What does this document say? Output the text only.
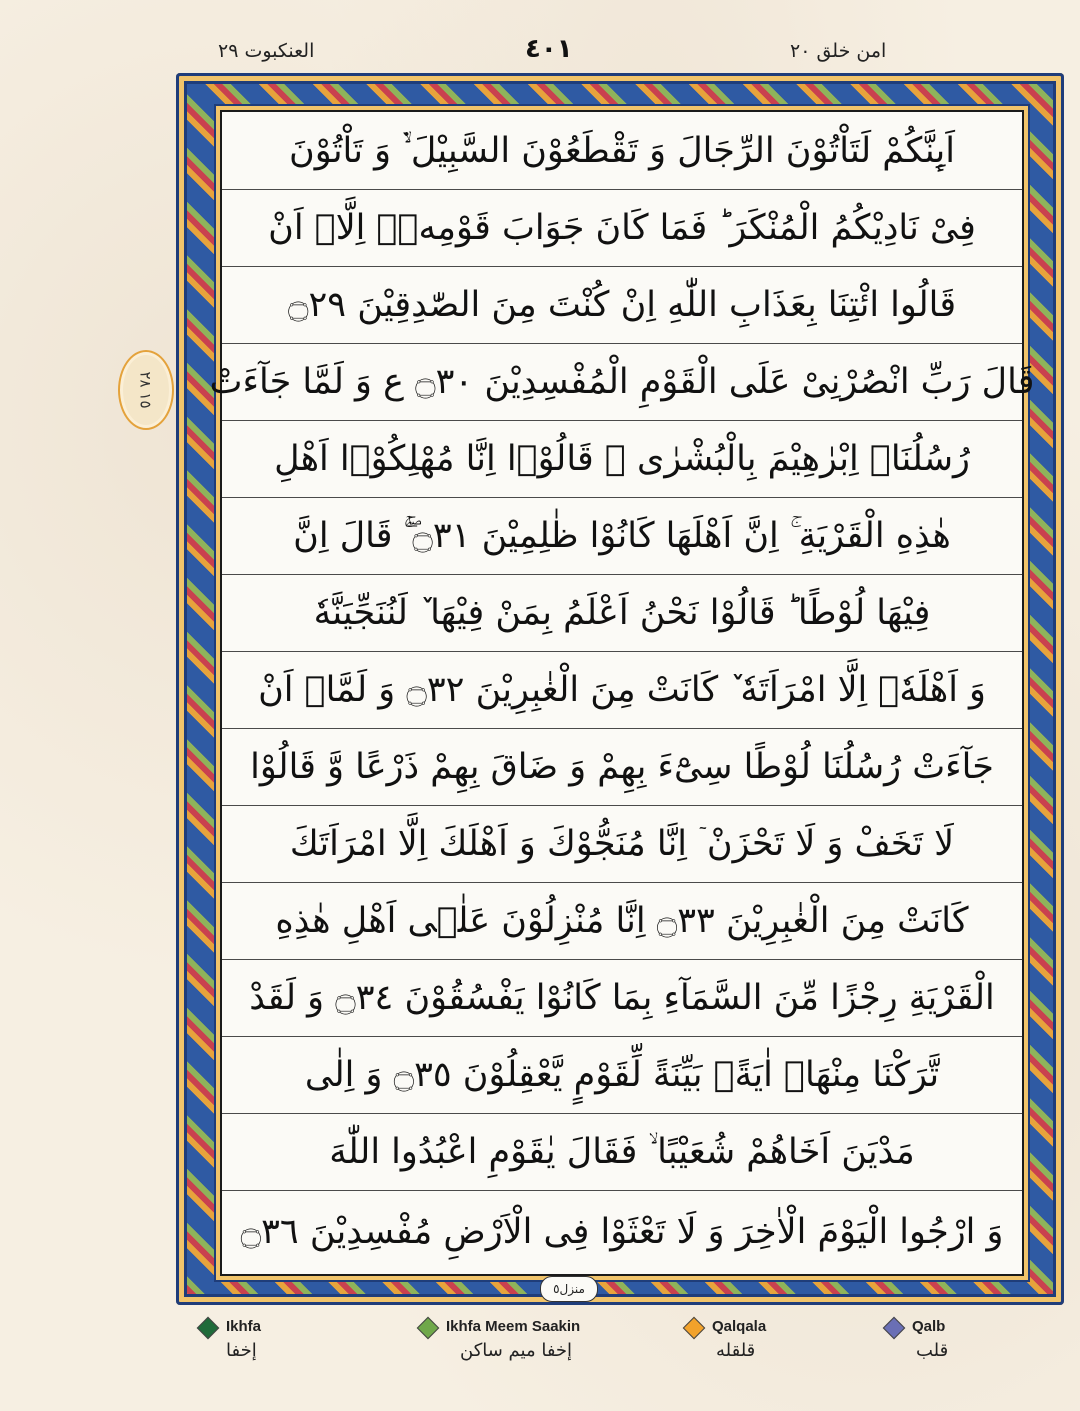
العنکبوت ٢٩	٤٠١	امن خلق ٢٠
١٥ ٢٨
اَىِٕنَّكُمْ لَتَاْتُوْنَ الرِّجَالَ وَ تَقْطَعُوْنَ السَّبِيْلَ ۙ۬ وَ تَاْتُوْنَ
فِیْ نَادِیْكُمُ الْمُنْكَرَ ؕ فَمَا كَانَ جَوَابَ قَوْمِهٖۤ اِلَّاۤ اَنْ
قَالُوا ائْتِنَا بِعَذَابِ اللّٰهِ اِنْ كُنْتَ مِنَ الصّٰدِقِیْنَ ۝٢٩
قَالَ رَبِّ انْصُرْنِیْ عَلَى الْقَوْمِ الْمُفْسِدِیْنَ ۝٣٠ ع وَ لَمَّا جَآءَتْ
رُسُلُنَاۤ اِبْرٰهِیْمَ بِالْبُشْرٰى ۙ قَالُوْۤا اِنَّا مُهْلِكُوْۤا اَهْلِ
هٰذِهِ الْقَرْیَةِ ۚ اِنَّ اَهْلَهَا كَانُوْا ظٰلِمِیْنَ ۝٣١ ۚۖ قَالَ اِنَّ
فِیْهَا لُوْطًا ؕ قَالُوْا نَحْنُ اَعْلَمُ بِمَنْ فِیْهَا ٚ لَنُنَجِّیَنَّهٗ
وَ اَهْلَهٗۤ اِلَّا امْرَاَتَهٗ ٚ كَانَتْ مِنَ الْغٰبِرِیْنَ ۝٣٢ وَ لَمَّاۤ اَنْ
جَآءَتْ رُسُلُنَا لُوْطًا سِیْٓءَ بِهِمْ وَ ضَاقَ بِهِمْ ذَرْعًا وَّ قَالُوْا
لَا تَخَفْ وَ لَا تَحْزَنْ ٙ اِنَّا مُنَجُّوْكَ وَ اَهْلَكَ اِلَّا امْرَاَتَكَ
كَانَتْ مِنَ الْغٰبِرِیْنَ ۝٣٣ اِنَّا مُنْزِلُوْنَ عَلٰۤى اَهْلِ هٰذِهِ
الْقَرْیَةِ رِجْزًا مِّنَ السَّمَآءِ بِمَا كَانُوْا یَفْسُقُوْنَ ۝٣٤ وَ لَقَدْ
تَّرَكْنَا مِنْهَاۤ اٰیَةًۢ بَیِّنَةً لِّقَوْمٍ یَّعْقِلُوْنَ ۝٣٥ وَ اِلٰى
مَدْیَنَ اَخَاهُمْ شُعَیْبًا ۙ فَقَالَ یٰقَوْمِ اعْبُدُوا اللّٰهَ
وَ ارْجُوا الْیَوْمَ الْاٰخِرَ وَ لَا تَعْثَوْا فِی الْاَرْضِ مُفْسِدِیْنَ ۝٣٦
منزل٥
Ikhfa
إخفا
Ikhfa Meem Saakin
إخفا میم ساکن
Qalqala
قلقله
Qalb
قلب
